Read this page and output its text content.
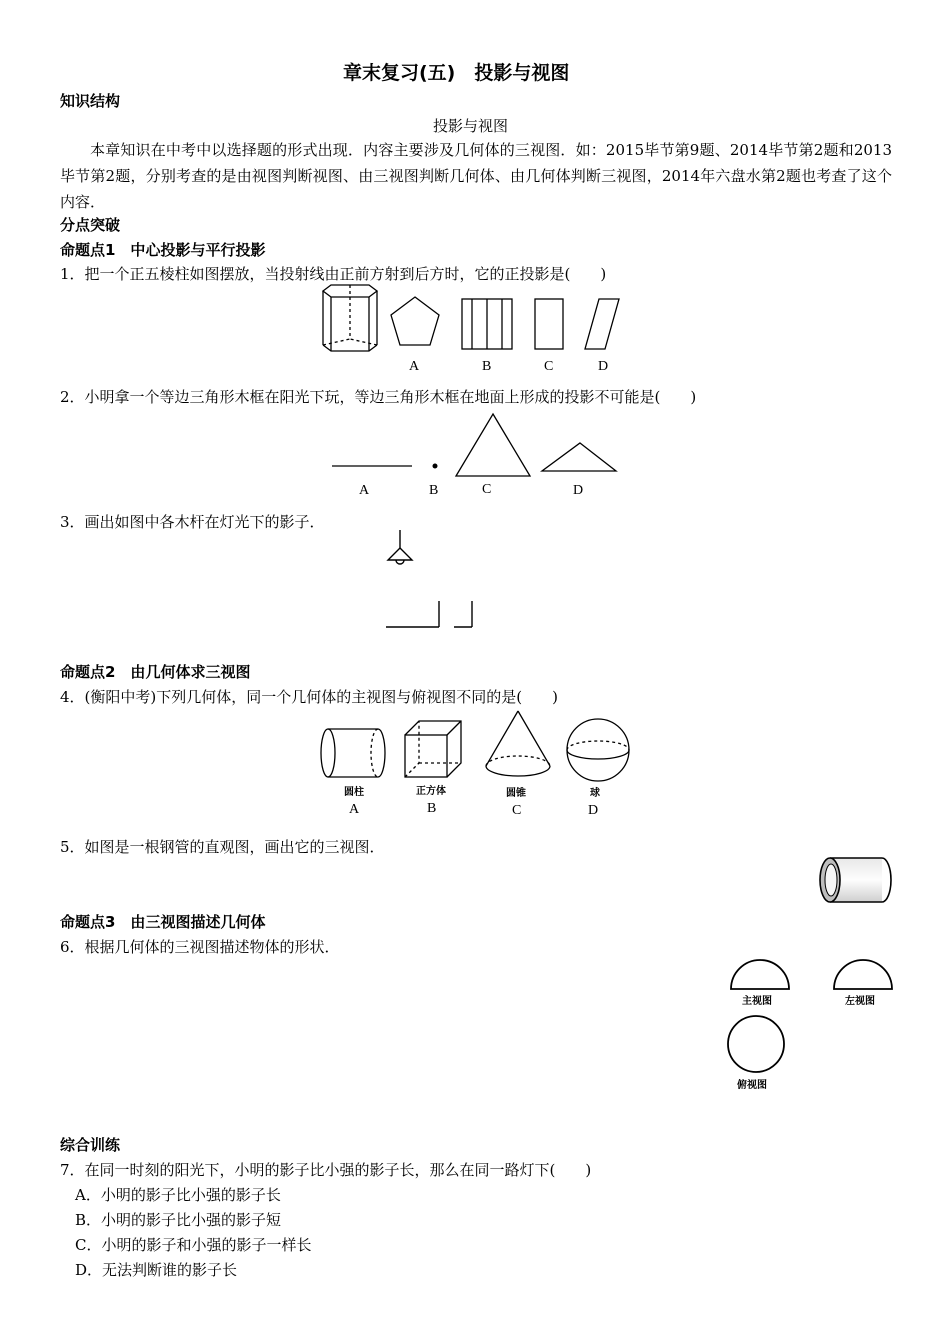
章末复习(五)　投影与视图
知识结构
投影与视图
本章知识在中考中以选择题的形式出现．内容主要涉及几何体的三视图．如：2015毕节第9题、2014毕节第2题和2013毕节第2题，分别考查的是由视图判断视图、由三视图判断几何体、由几何体判断三视图，2014年六盘水第2题也考查了这个内容．
分点突破
命题点1　中心投影与平行投影
1．把一个正五棱柱如图摆放，当投射线由正前方射到后方时，它的正投影是(　　)
A	B	C	D
2．小明拿一个等边三角形木框在阳光下玩，等边三角形木框在地面上形成的投影不可能是(　　)
A	B	C	D
3．画出如图中各木杆在灯光下的影子．
命题点2　由几何体求三视图
4．(衡阳中考)下列几何体，同一个几何体的主视图与俯视图不同的是(　　)
圆柱	正方体	圆锥	球
A	B	C	D
5．如图是一根钢管的直观图，画出它的三视图．
命题点3　由三视图描述几何体
6．根据几何体的三视图描述物体的形状．
主视图	左视图
俯视图
综合训练
7．在同一时刻的阳光下，小明的影子比小强的影子长，那么在同一路灯下(　　)
A．小明的影子比小强的影子长
B．小明的影子比小强的影子短
C．小明的影子和小强的影子一样长
D．无法判断谁的影子长
